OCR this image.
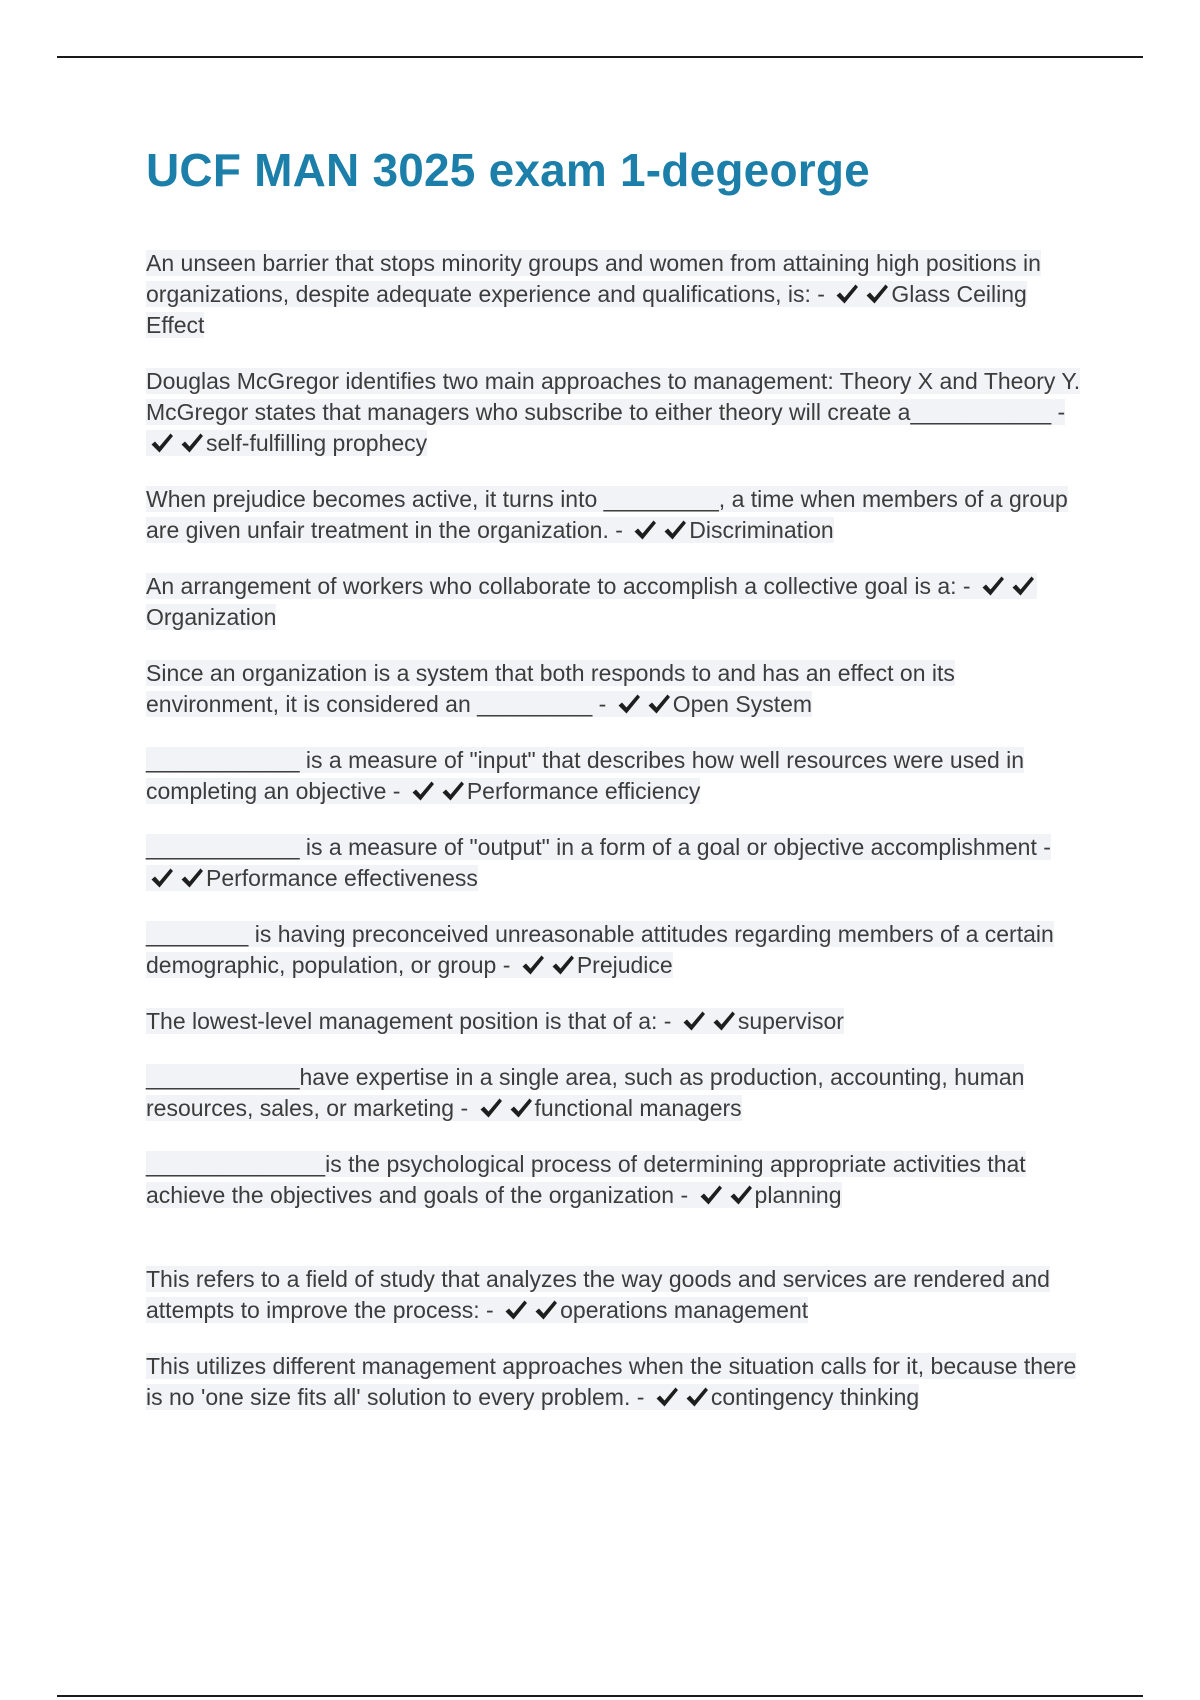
UCF MAN 3025 exam 1-degeorge

An unseen barrier that stops minority groups and women from attaining high positions in organizations, despite adequate experience and qualifications, is: -	Glass Ceiling Effect

Douglas McGregor identifies two main approaches to management: Theory X and Theory Y. McGregor states that managers who subscribe to either theory will create a___________ -
self-fulfilling prophecy

When prejudice becomes active, it turns into _________, a time when members of a group are given unfair treatment in the organization. -	Discrimination

An arrangement of workers who collaborate to accomplish a collective goal is a: -
Organization

Since an organization is a system that both responds to and has an effect on its environment, it is considered an _________ -	Open System

____________ is a measure of "input" that describes how well resources were used in completing an objective -	Performance efficiency

____________ is a measure of "output" in a form of a goal or objective accomplishment -
Performance effectiveness

________ is having preconceived unreasonable attitudes regarding members of a certain demographic, population, or group -	Prejudice

The lowest-level management position is that of a: -	supervisor

____________have expertise in a single area, such as production, accounting, human resources, sales, or marketing -	functional managers

______________is the psychological process of determining appropriate activities that achieve the objectives and goals of the organization -	planning

This refers to a field of study that analyzes the way goods and services are rendered and attempts to improve the process: -	operations management

This utilizes different management approaches when the situation calls for it, because there is no 'one size fits all' solution to every problem. -	contingency thinking
